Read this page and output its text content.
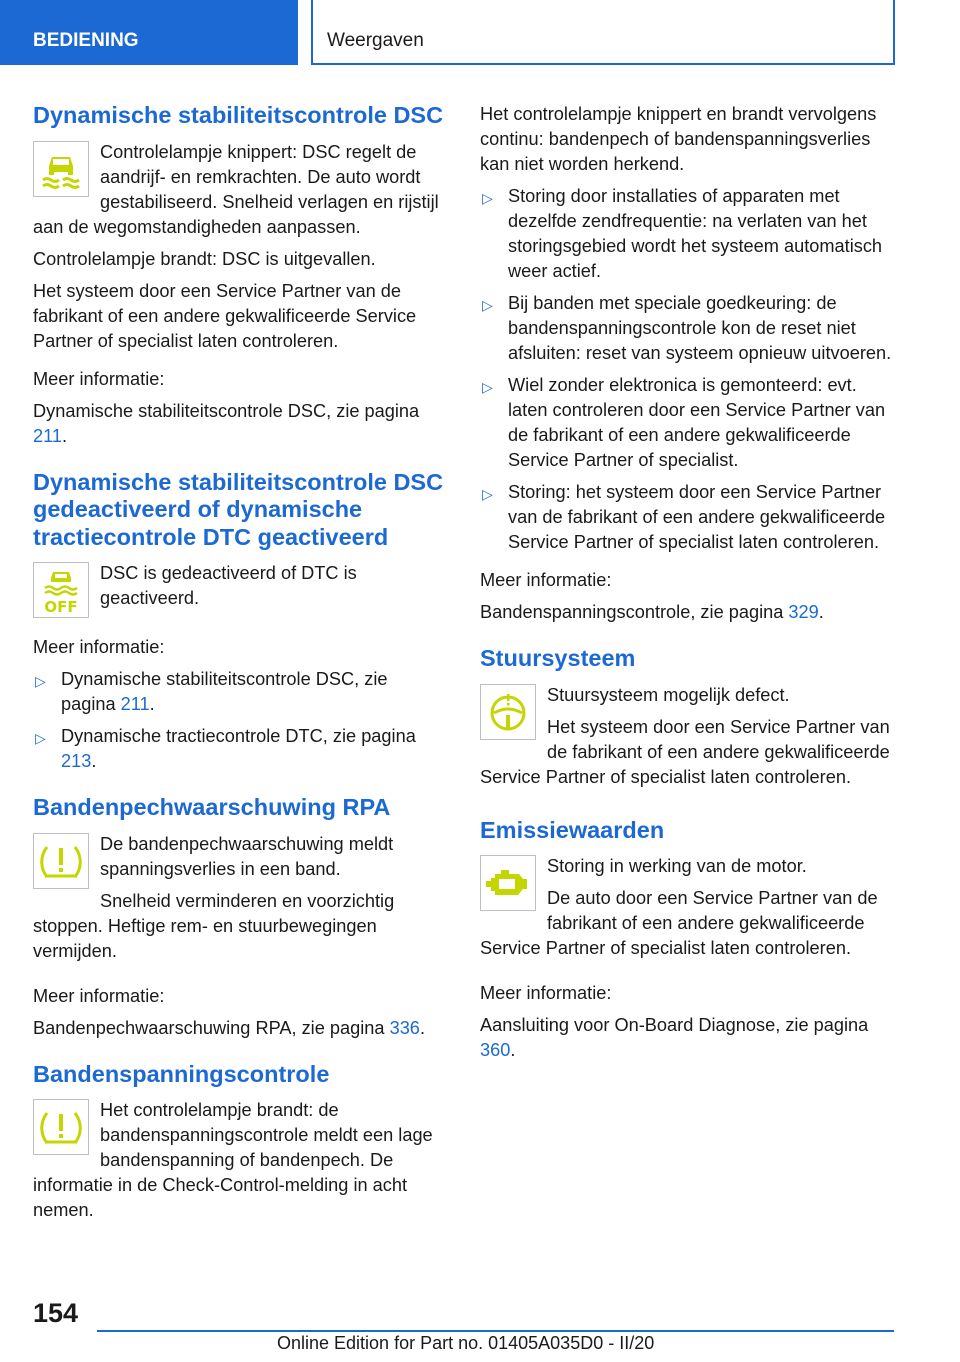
BEDIENING	Weergaven
Dynamische stabiliteitscontrole DSC

Controlelampje knippert: DSC regelt de aandrijf- en remkrachten. De auto wordt gestabiliseerd. Snelheid verlagen en rijstijl aan de wegomstandigheden aanpassen.

Controlelampje brandt: DSC is uitgevallen.

Het systeem door een Service Partner van de fabrikant of een andere gekwalificeerde Service Partner of specialist laten controleren.

Meer informatie:

Dynamische stabiliteitscontrole DSC, zie pagina 211.

Dynamische stabiliteitscontrole DSC gedeactiveerd of dynamische tractiecontrole DTC geactiveerd
OFF

DSC is gedeactiveerd of DTC is geactiveerd.

Meer informatie:

▷ Dynamische stabiliteitscontrole DSC, zie pagina 211.
▷ Dynamische tractiecontrole DTC, zie pagina 213.
Bandenpechwaarschuwing RPA

De bandenpechwaarschuwing meldt spanningsverlies in een band.

Snelheid verminderen en voorzichtig stoppen. Heftige rem- en stuurbewegingen vermijden.

Meer informatie:

Bandenpechwaarschuwing RPA, zie pagina 336.

Bandenspanningscontrole

Het controlelampje brandt: de bandenspanningscontrole meldt een lage bandenspanning of bandenpech. De informatie in de Check-Control-melding in acht nemen.

Het controlelampje knippert en brandt vervolgens continu: bandenpech of bandenspanningsverlies kan niet worden herkend.

▷ Storing door installaties of apparaten met dezelfde zendfrequentie: na verlaten van het storingsgebied wordt het systeem automatisch weer actief.
▷ Bij banden met speciale goedkeuring: de bandenspanningscontrole kon de reset niet afsluiten: reset van systeem opnieuw uitvoeren.
▷ Wiel zonder elektronica is gemonteerd: evt. laten controleren door een Service Partner van de fabrikant of een andere gekwalificeerde Service Partner of specialist.
▷ Storing: het systeem door een Service Partner van de fabrikant of een andere gekwalificeerde Service Partner of specialist laten controleren.

Meer informatie:

Bandenspanningscontrole, zie pagina 329.

Stuursysteem

Stuursysteem mogelijk defect.

Het systeem door een Service Partner van de fabrikant of een andere gekwalificeerde Service Partner of specialist laten controleren.

Emissiewaarden

Storing in werking van de motor.

De auto door een Service Partner van de fabrikant of een andere gekwalificeerde Service Partner of specialist laten controleren.

Meer informatie:

Aansluiting voor On-Board Diagnose, zie pagina 360.

154
Online Edition for Part no. 01405A035D0 - II/20
